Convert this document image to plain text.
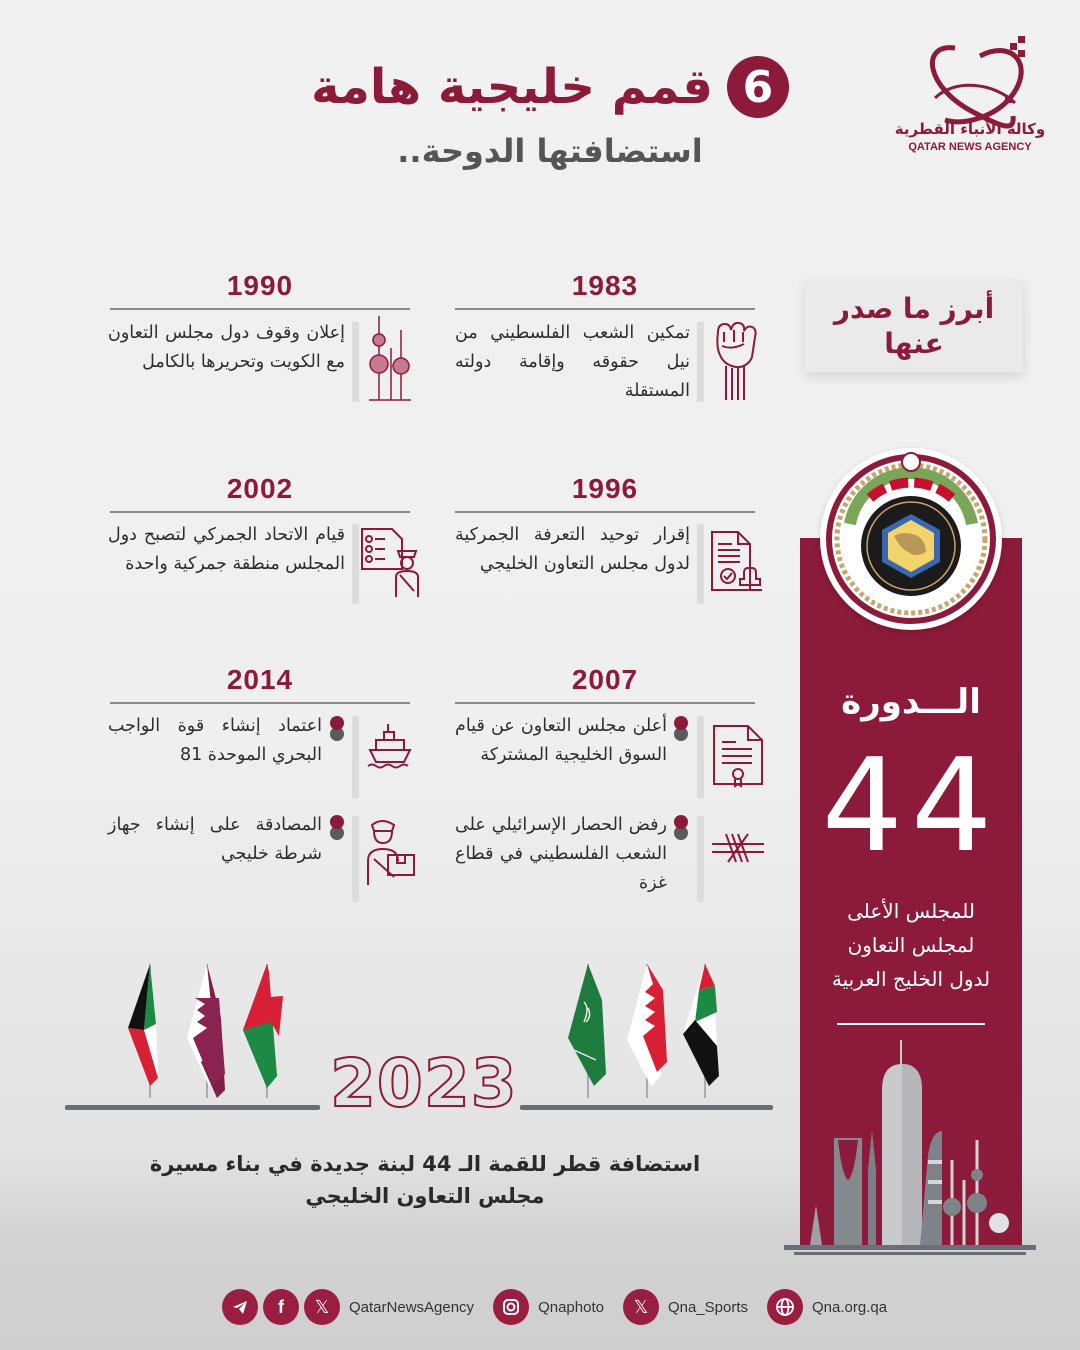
6
قمم خليجية هامة
استضافتها الدوحة..
وكالة الأنباء القطرية
QATAR NEWS AGENCY
أبرز ما صدر
عنها
1983
تمكين الشعب الفلسطيني من نيل حقوقه وإقامة دولته المستقلة
1990
إعلان وقوف دول مجلس التعاون مع الكويت وتحريرها بالكامل
1996
إقرار توحيد التعرفة الجمركية لدول مجلس التعاون الخليجي
2002
قيام الاتحاد الجمركي لتصبح دول المجلس منطقة جمركية واحدة
2007
أعلن مجلس التعاون عن قيام السوق الخليجية المشتركة
رفض الحصار الإسرائيلي على الشعب الفلسطيني في قطاع غزة
2014
اعتماد إنشاء قوة الواجب البحري الموحدة 81
المصادقة على إنشاء جهاز شرطة خليجي
الـــدورة
44
للمجلس الأعلى
لمجلس التعاون
لدول الخليج العربية
2023
استضافة قطر للقمة الـ 44 لبنة جديدة في بناء مسيرة
مجلس التعاون الخليجي
f	𝕏	QatarNewsAgency	Qnaphoto	𝕏	Qna_Sports	Qna.org.qa
